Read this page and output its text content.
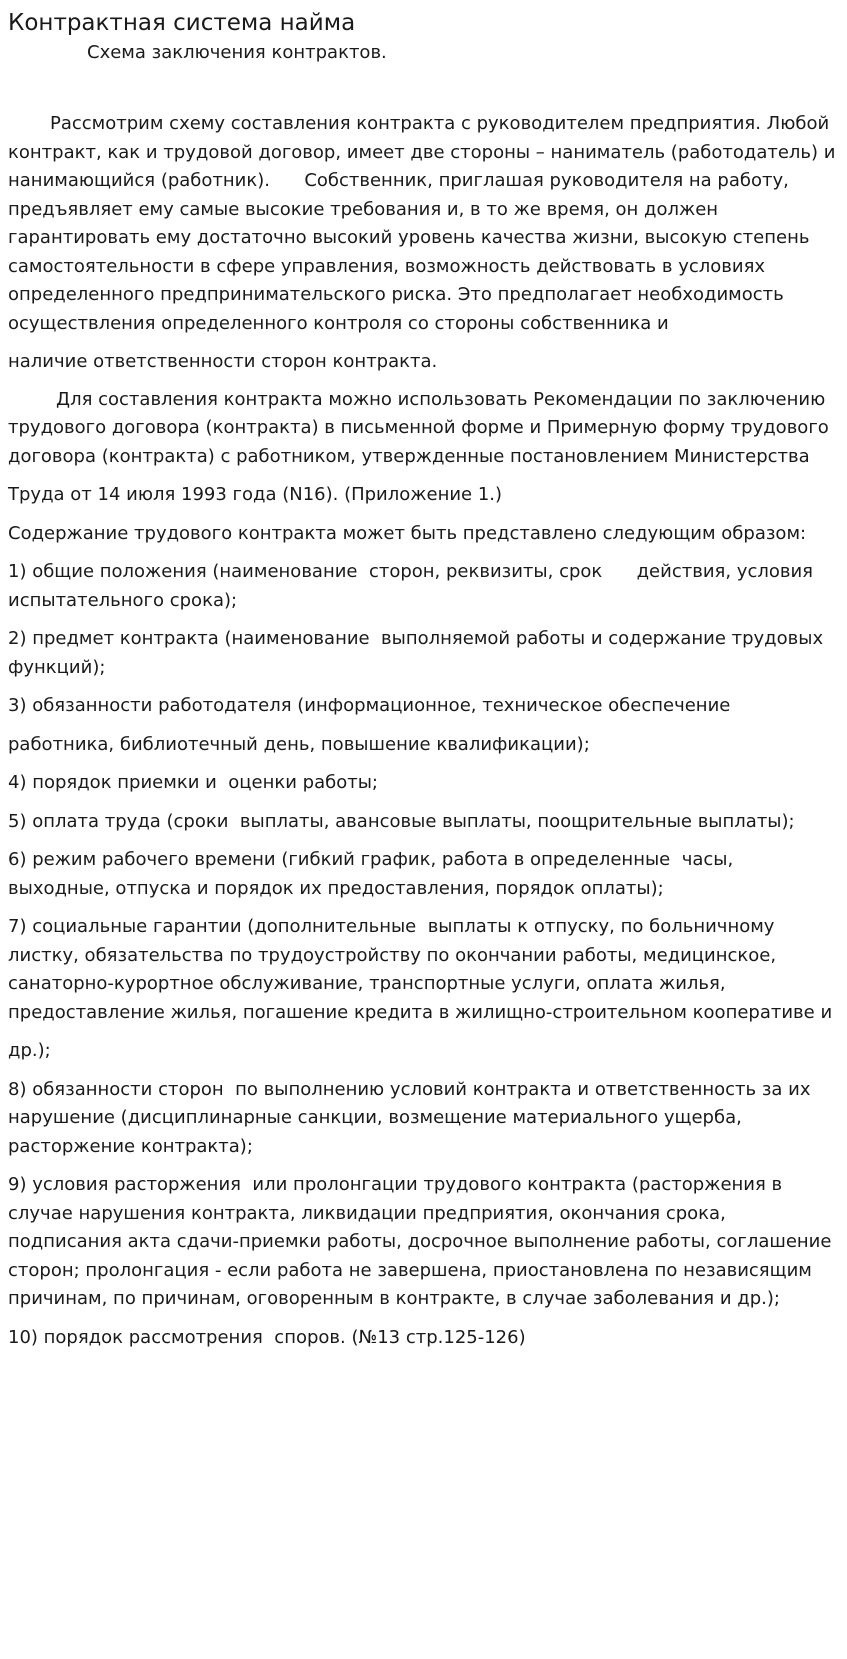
Контрактная система найма
Схема заключения контрактов.

Рассмотрим схему составления контракта с руководителем предприятия. Любой контракт, как и трудовой договор, имеет две стороны – наниматель (работодатель) и нанимающийся (работник).      Собственник, приглашая руководителя на работу, предъявляет ему самые высокие требования и, в то же время, он должен  гарантировать ему достаточно высокий уровень качества жизни, высокую степень самостоятельности в сфере управления, возможность действовать в условиях определенного предпринимательского риска. Это предполагает необходимость осуществления определенного контроля со стороны собственника и

наличие ответственности сторон контракта.

Для составления контракта можно использовать Рекомендации по заключению трудового договора (контракта) в письменной форме и Примерную форму трудового договора (контракта) с работником, утвержденные постановлением Министерства

Труда от 14 июля 1993 года (N16). (Приложение 1.)

Содержание трудового контракта может быть представлено следующим образом:

1) общие положения (наименование  сторон, реквизиты, срок      действия, условия испытательного срока);

2) предмет контракта (наименование  выполняемой работы и содержание трудовых функций);

3) обязанности работодателя (информационное, техническое обеспечение

работника, библиотечный день, повышение квалификации);

4) порядок приемки и  оценки работы;

5) оплата труда (сроки  выплаты, авансовые выплаты, поощрительные выплаты);

6) режим рабочего времени (гибкий график, работа в определенные  часы, выходные, отпуска и порядок их предоставления, порядок оплаты);

7) социальные гарантии (дополнительные  выплаты к отпуску, по больничному листку, обязательства по трудоустройству по окончании работы, медицинское, санаторно-курортное обслуживание, транспортные услуги, оплата жилья, предоставление жилья, погашение кредита в жилищно-строительном кооперативе и

др.);

8) обязанности сторон  по выполнению условий контракта и ответственность за их нарушение (дисциплинарные санкции, возмещение материального ущерба, расторжение контракта);

9) условия расторжения  или пролонгации трудового контракта (расторжения в случае нарушения контракта, ликвидации предприятия, окончания срока, подписания акта сдачи-приемки работы, досрочное выполнение работы, соглашение сторон; пролонгация - если работа не завершена, приостановлена по независящим причинам, по причинам, оговоренным в контракте, в случае заболевания и др.);

10) порядок рассмотрения  споров. (№13 стр.125-126)
